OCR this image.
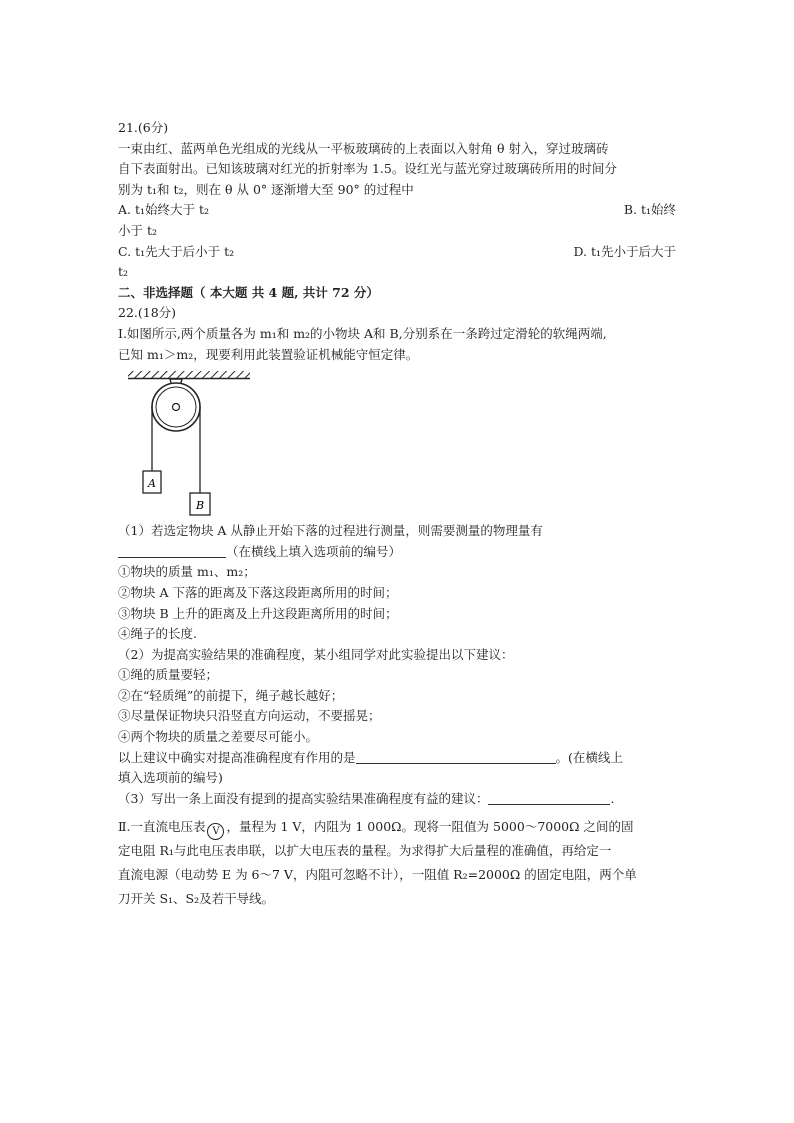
21.(6分)
一束由红、蓝两单色光组成的光线从一平板玻璃砖的上表面以入射角 θ 射入，穿过玻璃砖
自下表面射出。已知该玻璃对红光的折射率为 1.5。设红光与蓝光穿过玻璃砖所用的时间分
别为 t₁和 t₂，则在 θ 从 0° 逐渐增大至 90° 的过程中
A. t₁始终大于 t₂	B. t₁始终
小于 t₂
C. t₁先大于后小于 t₂	D. t₁先小于后大于
t₂
二、非选择题（ 本大题 共 4 题, 共计 72 分）
22.(18分)
Ⅰ.如图所示,两个质量各为 m₁和 m₂的小物块 A和 B,分别系在一条跨过定滑轮的软绳两端,
已知 m₁＞m₂，现要利用此装置验证机械能守恒定律。
A
B
（1）若选定物块 A 从静止开始下落的过程进行测量，则需要测量的物理量有
（在横线上填入选项前的编号）
①物块的质量 m₁、m₂；
②物块 A 下落的距离及下落这段距离所用的时间；
③物块 B 上升的距离及上升这段距离所用的时间；
④绳子的长度.
（2）为提高实验结果的准确程度，某小组同学对此实验提出以下建议：
①绳的质量要轻；
②在“轻质绳”的前提下，绳子越长越好；
③尽量保证物块只沿竖直方向运动，不要摇晃；
④两个物块的质量之差要尽可能小。
以上建议中确实对提高准确程度有作用的是	。(在横线上
填入选项前的编号)
（3）写出一条上面没有提到的提高实验结果准确程度有益的建议：	.
Ⅱ.一直流电压表 V ，量程为 1 V，内阻为 1 000Ω。现将一阻值为 5000～7000Ω 之间的固
定电阻 R₁与此电压表串联，以扩大电压表的量程。为求得扩大后量程的准确值，再给定一
直流电源（电动势 E 为 6～7 V，内阻可忽略不计），一阻值 R₂=2000Ω 的固定电阻，两个单
刀开关 S₁、S₂及若干导线。
